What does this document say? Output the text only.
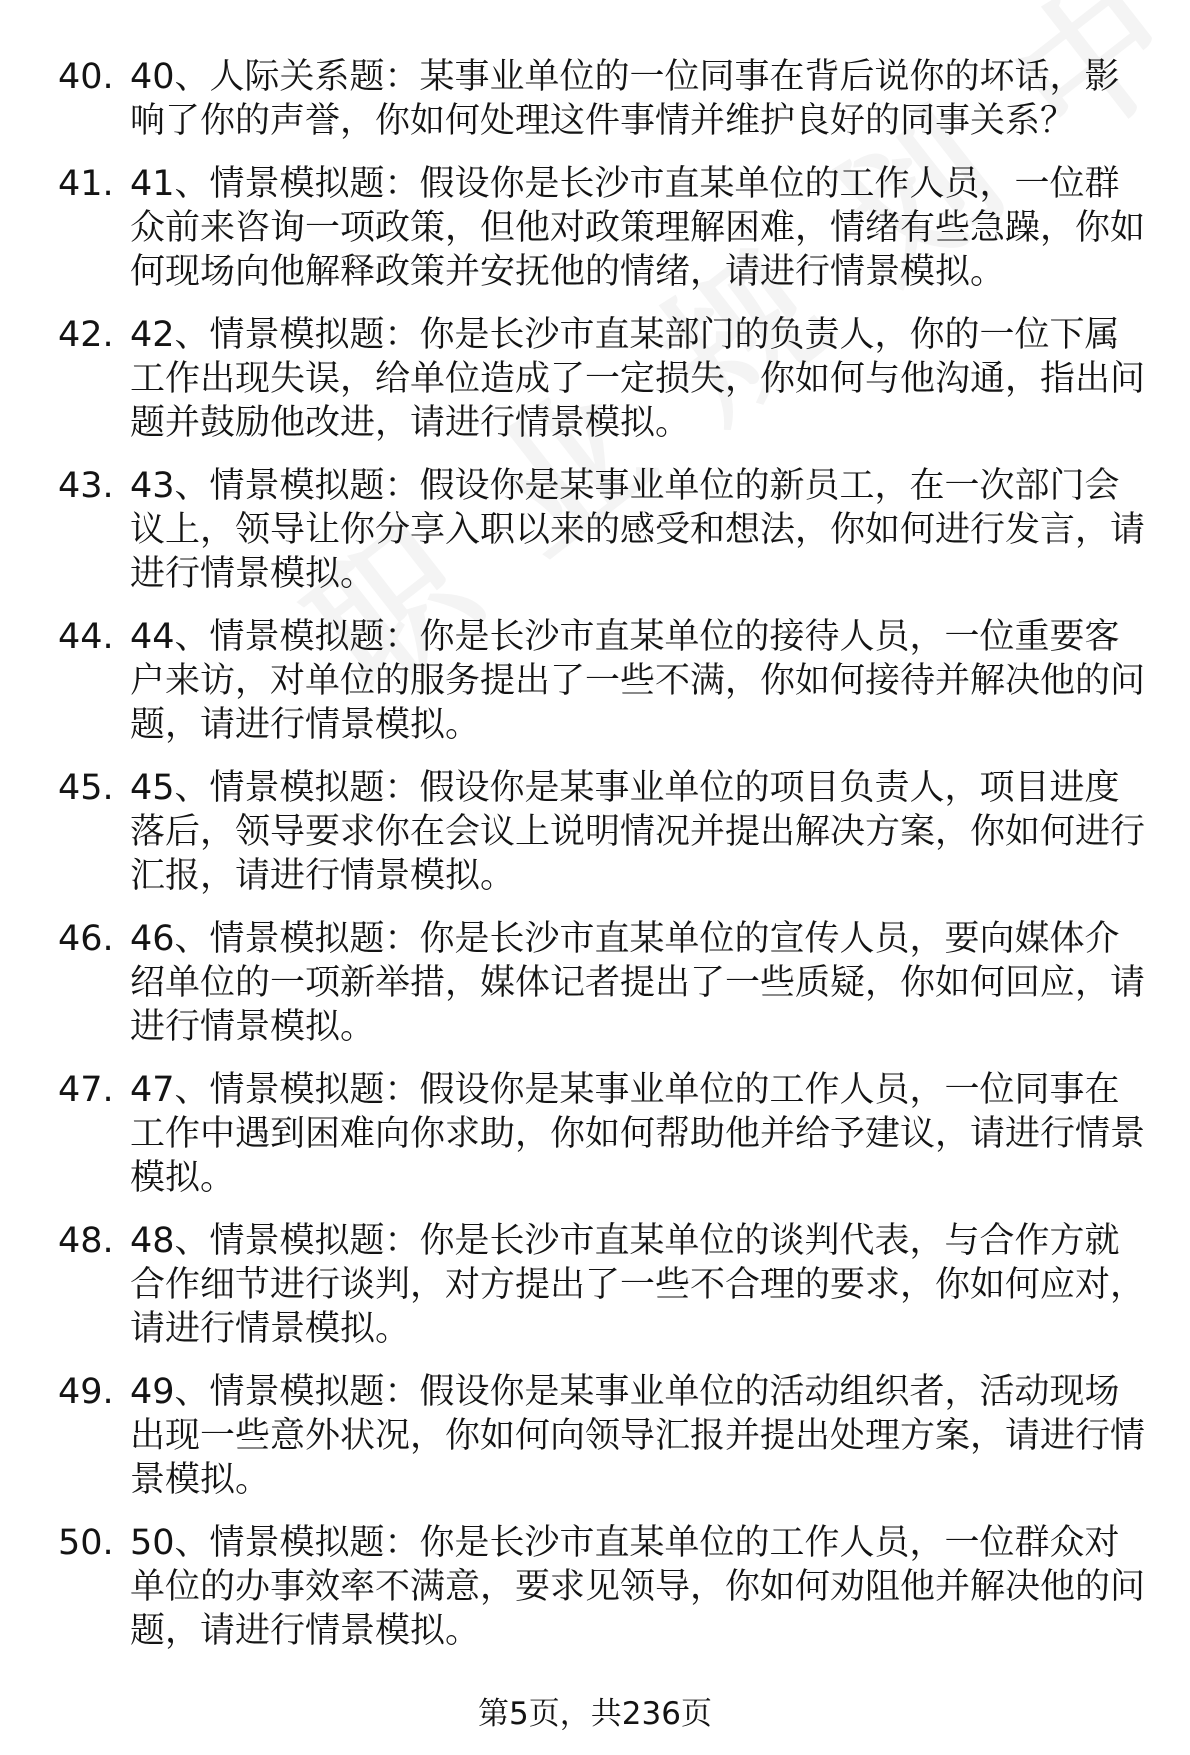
40. 40、人际关系题：某事业单位的一位同事在背后说你的坏话，影响了你的声誉，你如何处理这件事情并维护良好的同事关系？
41. 41、情景模拟题：假设你是长沙市直某单位的工作人员，一位群众前来咨询一项政策，但他对政策理解困难，情绪有些急躁，你如何现场向他解释政策并安抚他的情绪，请进行情景模拟。
42. 42、情景模拟题：你是长沙市直某部门的负责人，你的一位下属工作出现失误，给单位造成了一定损失，你如何与他沟通，指出问题并鼓励他改进，请进行情景模拟。
43. 43、情景模拟题：假设你是某事业单位的新员工，在一次部门会议上，领导让你分享入职以来的感受和想法，你如何进行发言，请进行情景模拟。
44. 44、情景模拟题：你是长沙市直某单位的接待人员，一位重要客户来访，对单位的服务提出了一些不满，你如何接待并解决他的问题，请进行情景模拟。
45. 45、情景模拟题：假设你是某事业单位的项目负责人，项目进度落后，领导要求你在会议上说明情况并提出解决方案，你如何进行汇报，请进行情景模拟。
46. 46、情景模拟题：你是长沙市直某单位的宣传人员，要向媒体介绍单位的一项新举措，媒体记者提出了一些质疑，你如何回应，请进行情景模拟。
47. 47、情景模拟题：假设你是某事业单位的工作人员，一位同事在工作中遇到困难向你求助，你如何帮助他并给予建议，请进行情景模拟。
48. 48、情景模拟题：你是长沙市直某单位的谈判代表，与合作方就合作细节进行谈判，对方提出了一些不合理的要求，你如何应对，请进行情景模拟。
49. 49、情景模拟题：假设你是某事业单位的活动组织者，活动现场出现一些意外状况，你如何向领导汇报并提出处理方案，请进行情景模拟。
50. 50、情景模拟题：你是长沙市直某单位的工作人员，一位群众对单位的办事效率不满意，要求见领导，你如何劝阻他并解决他的问题，请进行情景模拟。
第5页，共236页
